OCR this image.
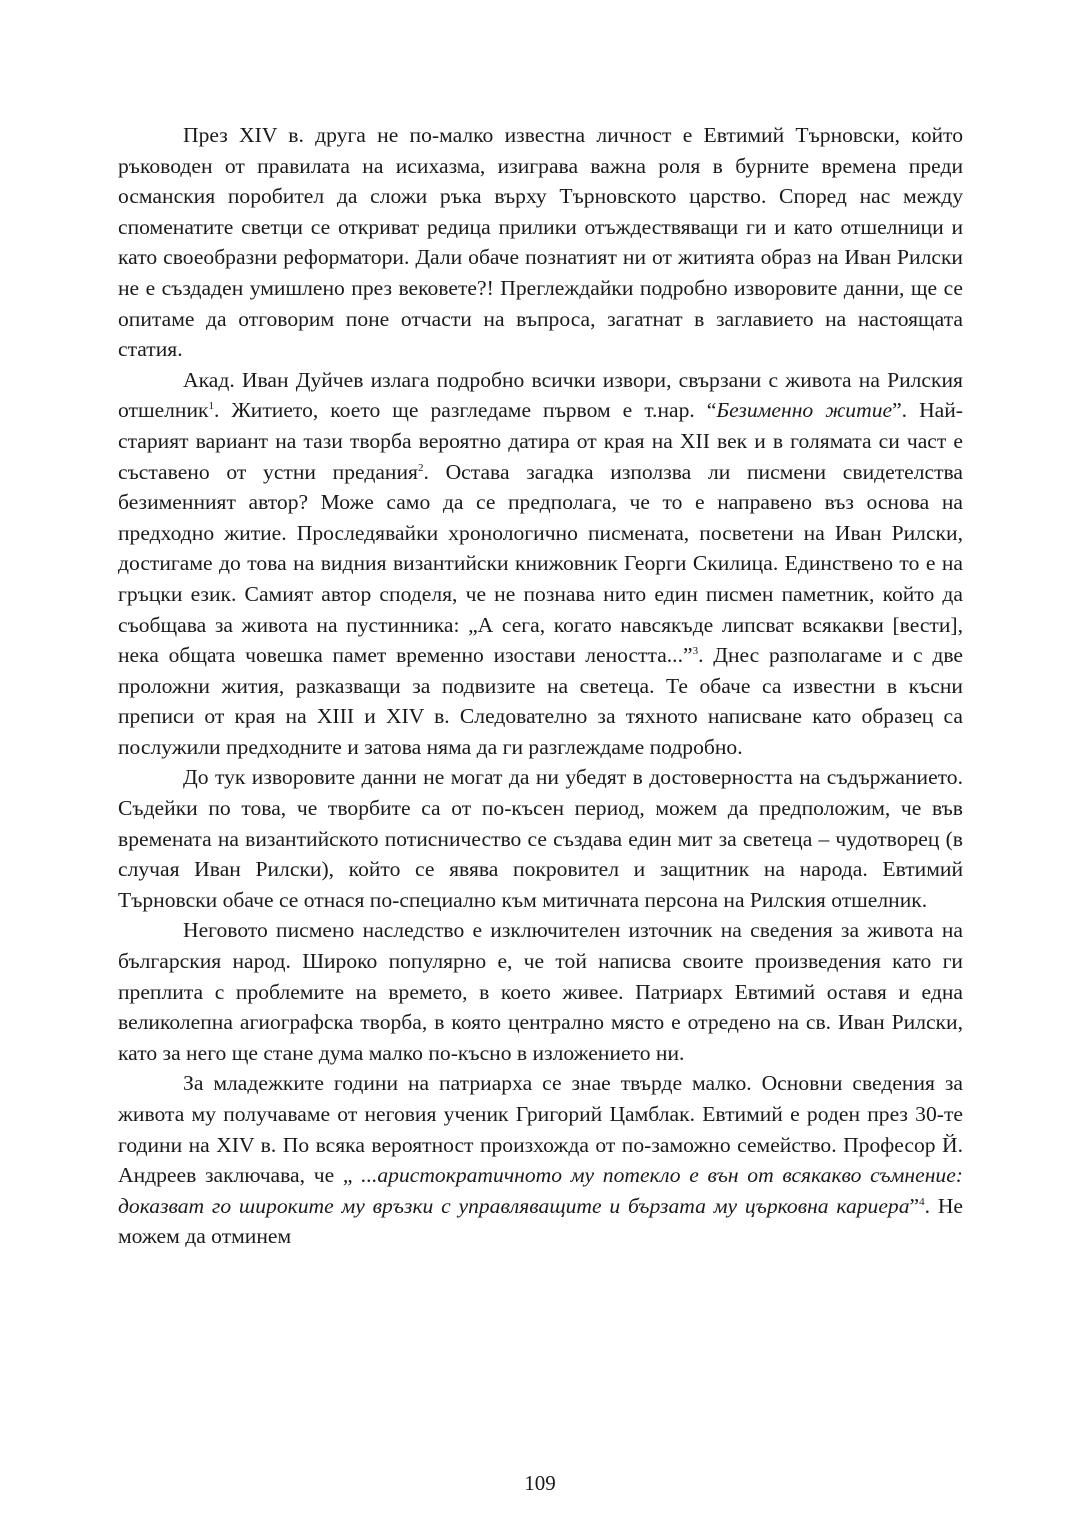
През XIV в. друга не по-малко известна личност е Евтимий Търновски, който ръководен от правилата на исихазма, изиграва важна роля в бурните времена преди османския поробител да сложи ръка върху Търновското царство. Според нас между споменатите светци се откриват редица прилики отъждествяващи ги и като отшелници и като своеобразни реформатори. Дали обаче познатият ни от житията образ на Иван Рилски не е създаден умишлено през вековете?! Преглеждайки подробно изворовите данни, ще се опитаме да отговорим поне отчасти на въпроса, загатнат в заглавието на настоящата статия.

Акад. Иван Дуйчев излага подробно всички извори, свързани с живота на Рилския отшелник$^1$. Житието, което ще разгледаме първом е т.нар. “Безименно житие”. Най-старият вариант на тази творба вероятно датира от края на XII век и в голямата си част е съставено от устни предания$^2$. Остава загадка използва ли писмени свидетелства безименният автор? Може само да се предполага, че то е направено въз основа на предходно житие. Проследявайки хронологично писмената, посветени на Иван Рилски, достигаме до това на видния византийски книжовник Георги Скилица. Единствено то е на гръцки език. Самият автор споделя, че не познава нито един писмен паметник, който да съобщава за живота на пустинника: „А сега, когато навсякъде липсват всякакви [вести], нека общата човешка памет временно изостави леността...”$^3$. Днес разполагаме и с две проложни жития, разказващи за подвизите на светеца. Те обаче са известни в късни преписи от края на XIII и XIV в. Следователно за тяхното написване като образец са послужили предходните и затова няма да ги разглеждаме подробно.

До тук изворовите данни не могат да ни убедят в достоверността на съдържанието. Съдейки по това, че творбите са от по-късен период, можем да предположим, че във времената на византийското потисничество се създава един мит за светеца – чудотворец (в случая Иван Рилски), който се явява покровител и защитник на народа. Евтимий Търновски обаче се отнася по-специално към митичната персона на Рилския отшелник.

Неговото писмено наследство е изключителен източник на сведения за живота на българския народ. Широко популярно е, че той написва своите произведения като ги преплита с проблемите на времето, в което живее. Патриарх Евтимий оставя и една великолепна агиографска творба, в която централно място е отредено на св. Иван Рилски, като за него ще стане дума малко по-късно в изложението ни.

За младежките години на патриарха се знае твърде малко. Основни сведения за живота му получаваме от неговия ученик Григорий Цамблак. Евтимий е роден през 30-те години на XIV в. По всяка вероятност произхожда от по-заможно семейство. Професор Й. Андреев заключава, че „ ...аристократичното му потекло е вън от всякакво съмнение: доказват го широките му връзки с управляващите и бързата му църковна кариера”$^4$. Не можем да отминем

109
